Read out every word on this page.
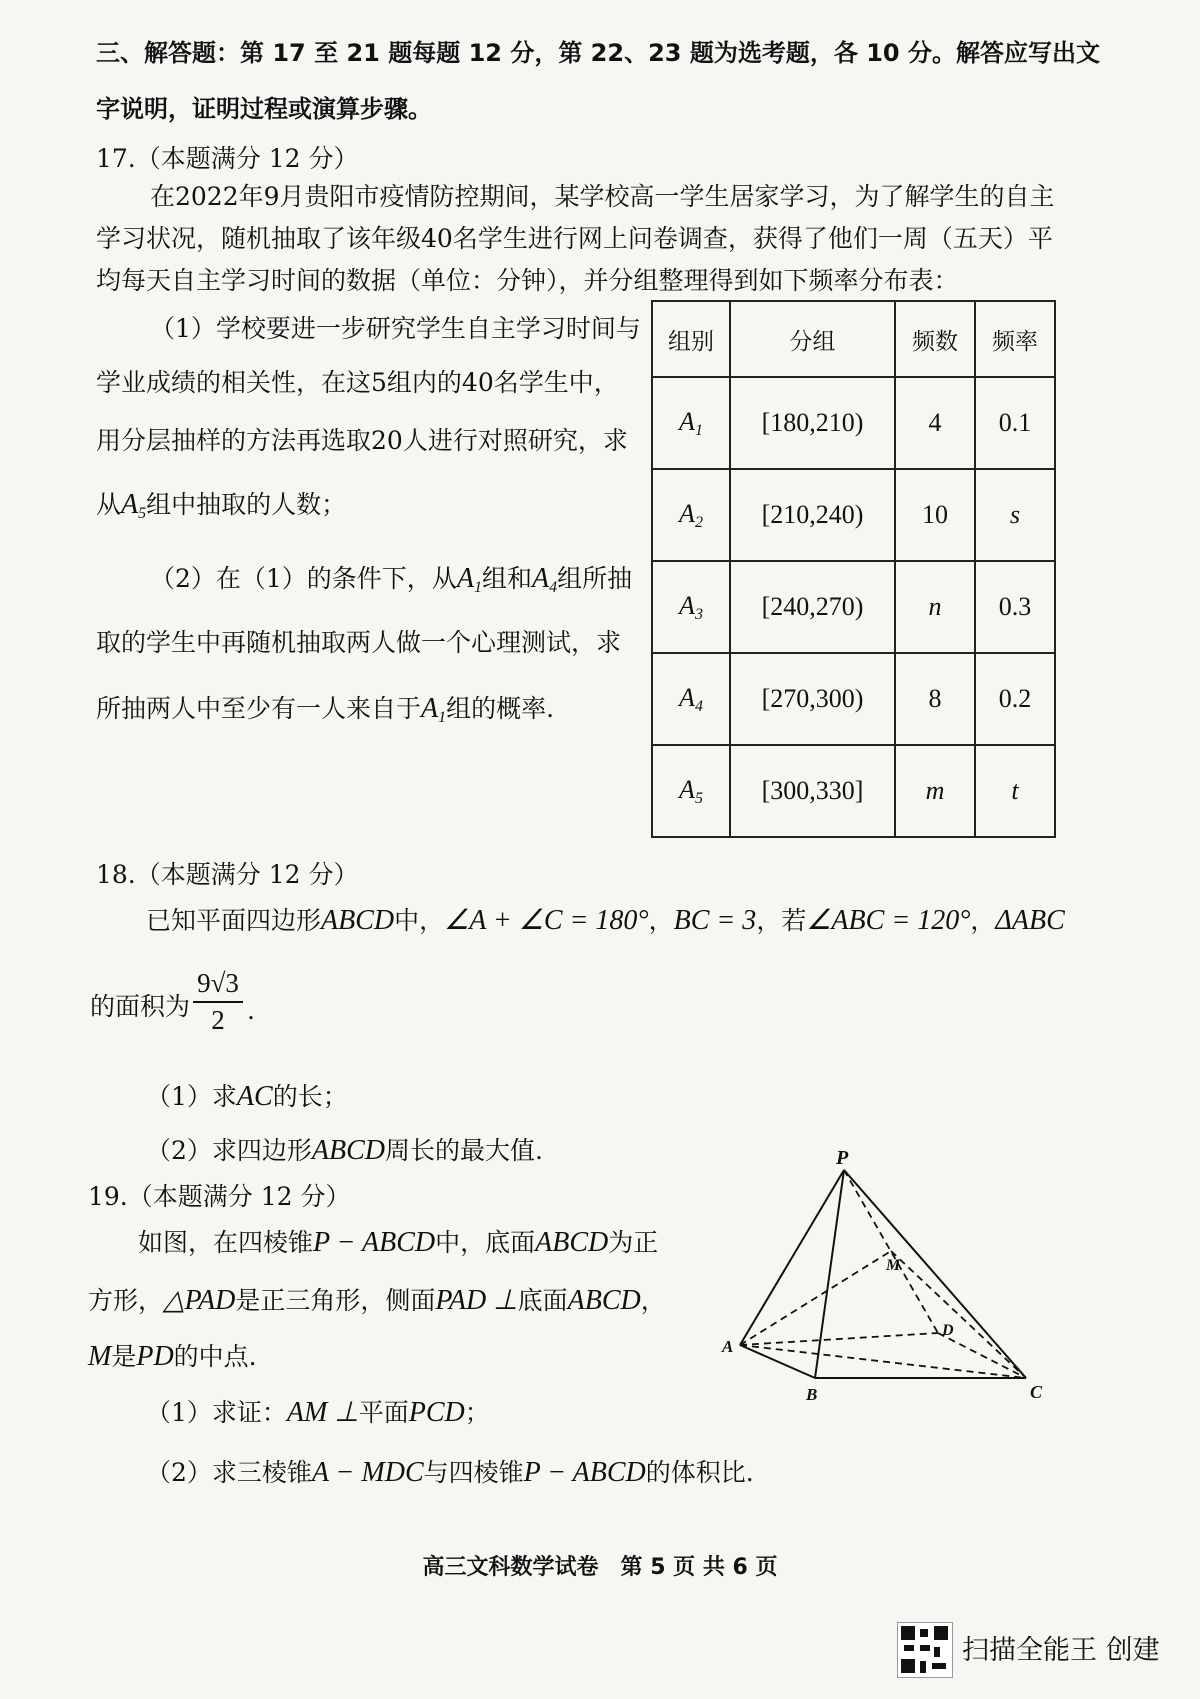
三、解答题：第 17 至 21 题每题 12 分，第 22、23 题为选考题，各 10 分。解答应写出文
字说明，证明过程或演算步骤。
17.（本题满分 12 分）
在2022年9月贵阳市疫情防控期间，某学校高一学生居家学习，为了解学生的自主
学习状况，随机抽取了该年级40名学生进行网上问卷调查，获得了他们一周（五天）平
均每天自主学习时间的数据（单位：分钟），并分组整理得到如下频率分布表：
（1）学校要进一步研究学生自主学习时间与
学业成绩的相关性，在这5组内的40名学生中，
用分层抽样的方法再选取20人进行对照研究，求
从$A_5$组中抽取的人数；
（2）在（1）的条件下，从$A_1$组和$A_4$组所抽
取的学生中再随机抽取两人做一个心理测试，求
所抽两人中至少有一人来自于$A_1$组的概率.
组别	分组	频数	频率
$A_1$	[180,210)	4	0.1
$A_2$	[210,240)	10	s
$A_3$	[240,270)	n	0.3
$A_4$	[270,300)	8	0.2
$A_5$	[300,330]	m	t
18.（本题满分 12 分）
已知平面四边形ABCD中，∠A + ∠C = 180°，BC = 3，若∠ABC = 120°，ΔABC
的面积为
9√3
2 .
（1）求AC的长；
（2）求四边形ABCD周长的最大值.
19.（本题满分 12 分）
如图，在四棱锥P − ABCD中，底面ABCD为正
方形，△PAD是正三角形，侧面PAD ⊥底面ABCD，
M是PD的中点.
（1）求证：AM ⊥平面PCD；
（2）求三棱锥A − MDC与四棱锥P − ABCD的体积比.
P
M
D
A
B	C
高三文科数学试卷　第 5 页 共 6 页
扫描全能王 创建
